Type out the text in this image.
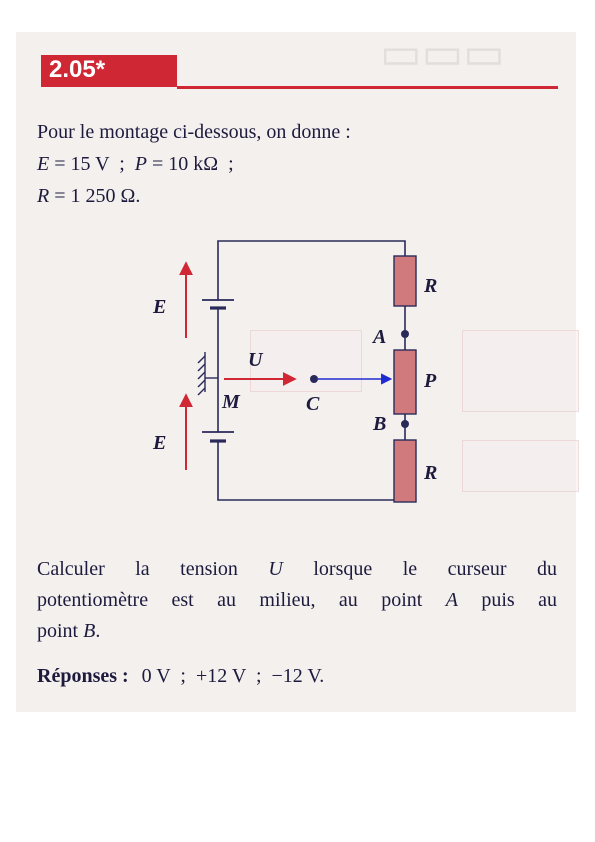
▭▭▭
2.05*
Pour le montage ci-dessous, on donne :
E = 15 V  ;  P = 10 kΩ  ;
R = 1 250 Ω.
E
E
R
R
P
U
A
B
M	C
Calculer la tension U lorsque le curseur du
potentiomètre est au milieu, au point A puis au
point B.
Réponses : 0 V  ;  +12 V  ;  −12 V.
